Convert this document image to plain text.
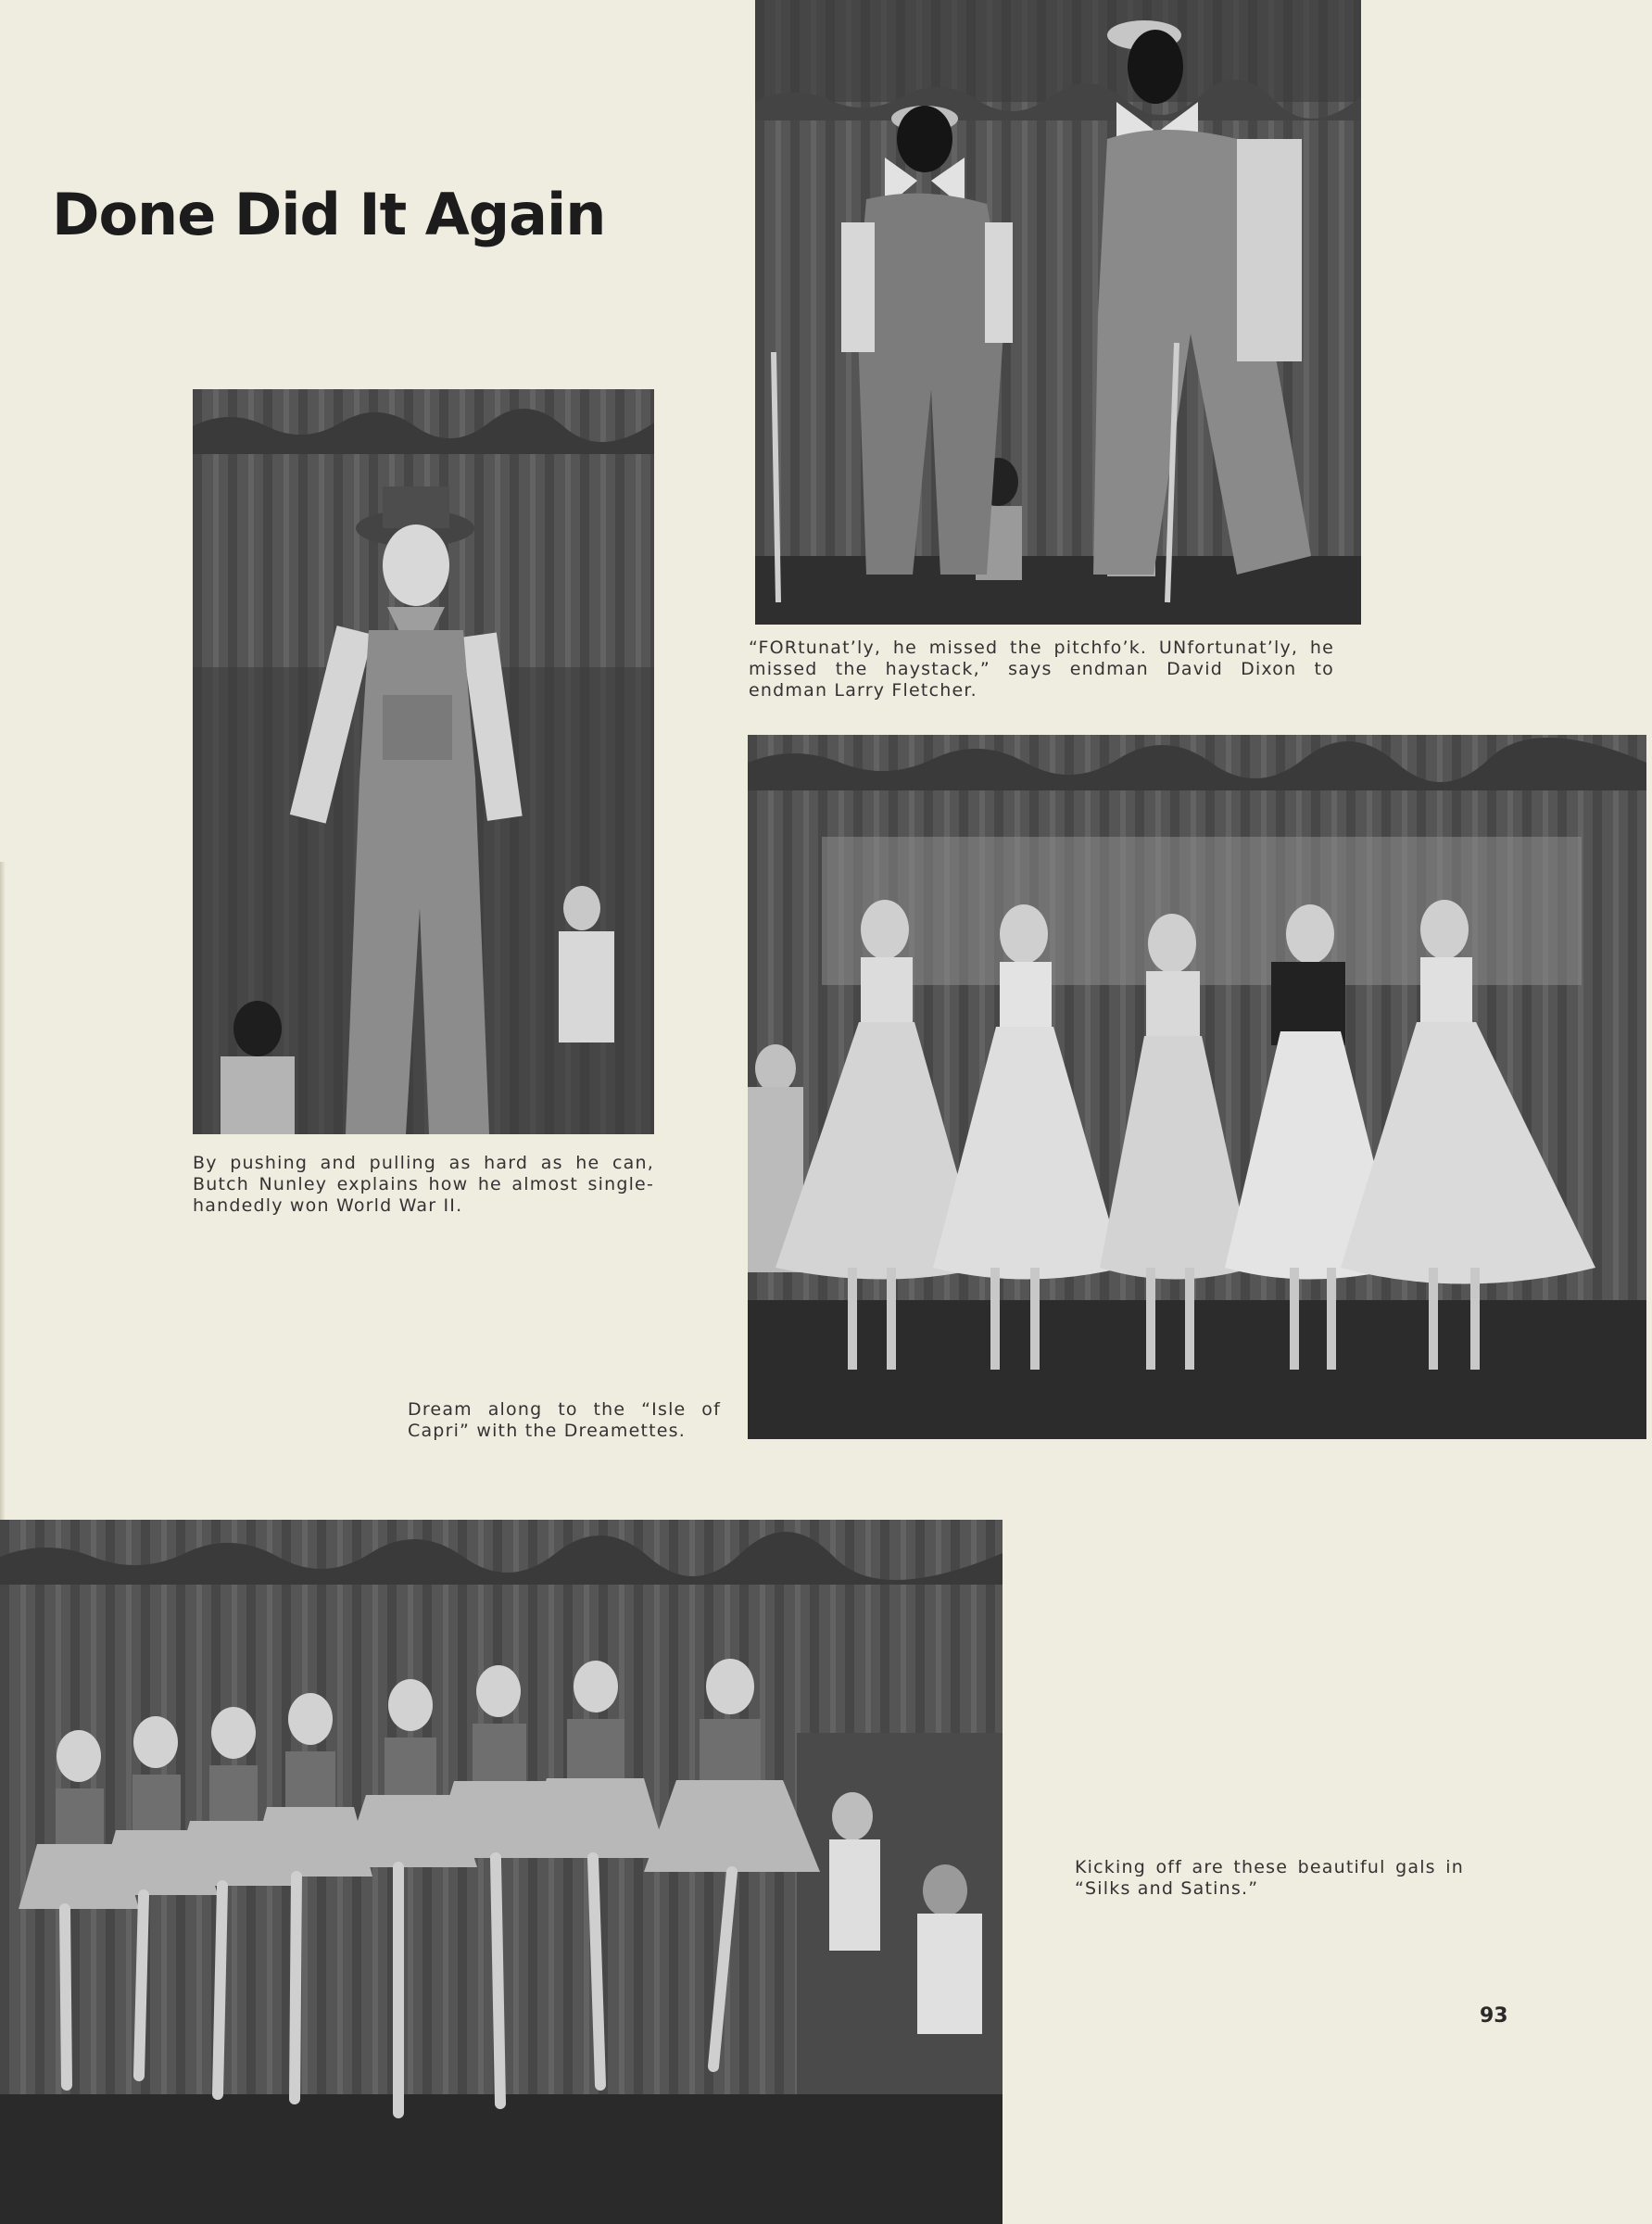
Done Did It Again

“FORtunat’ly, he missed the pitchfo’k. UNfortunat’ly, he missed the haystack,” says endman David Dixon to endman Larry Fletcher.

By pushing and pulling as hard as he can, Butch Nunley explains how he almost single-handedly won World War II.

Dream along to the “Isle of Capri” with the Dreamettes.

Kicking off are these beautiful gals in “Silks and Satins.”

93
